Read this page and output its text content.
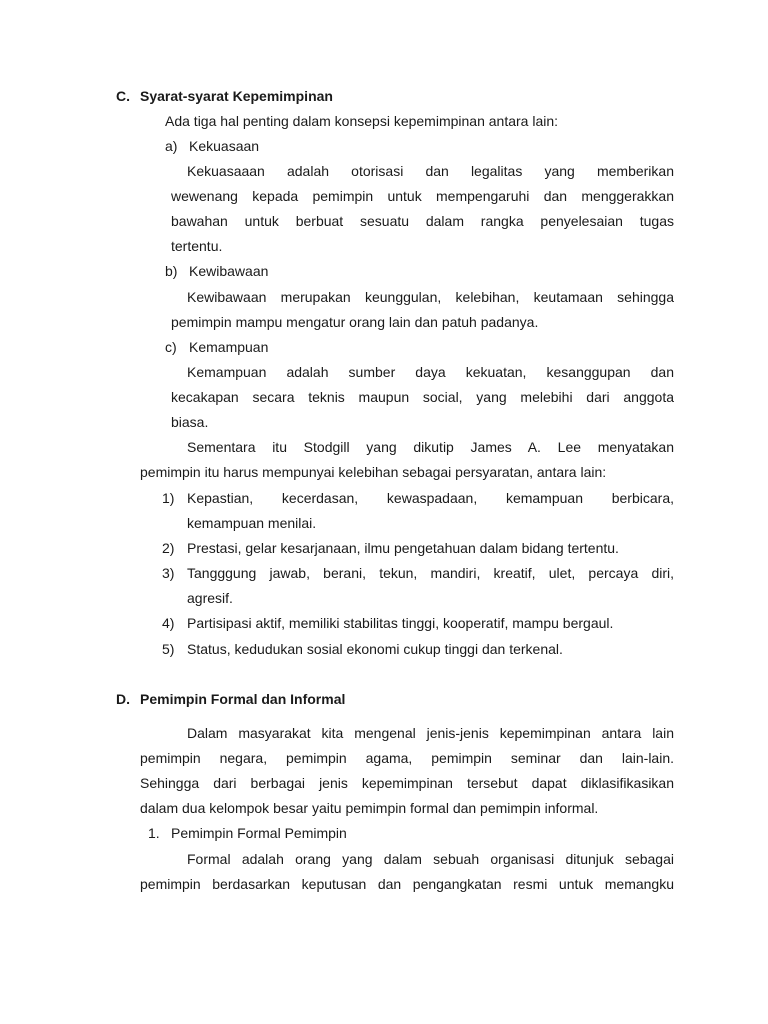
C. Syarat-syarat Kepemimpinan
Ada tiga hal penting dalam konsepsi kepemimpinan antara lain:
a) Kekuasaan
Kekuasaaan adalah otorisasi dan legalitas yang memberikan
wewenang kepada pemimpin untuk mempengaruhi dan menggerakkan
bawahan untuk berbuat sesuatu dalam rangka penyelesaian tugas
tertentu.
b) Kewibawaan
Kewibawaan merupakan keunggulan, kelebihan, keutamaan sehingga
pemimpin mampu mengatur orang lain dan patuh padanya.
c) Kemampuan
Kemampuan adalah sumber daya kekuatan, kesanggupan dan
kecakapan secara teknis maupun social, yang melebihi dari anggota
biasa.
Sementara itu Stodgill yang dikutip James A. Lee menyatakan
pemimpin itu harus mempunyai kelebihan sebagai persyaratan, antara lain:
1) Kepastian, kecerdasan, kewaspadaan, kemampuan berbicara,
kemampuan menilai.
2) Prestasi, gelar kesarjanaan, ilmu pengetahuan dalam bidang tertentu.
3) Tangggung jawab, berani, tekun, mandiri, kreatif, ulet, percaya diri,
agresif.
4) Partisipasi aktif, memiliki stabilitas tinggi, kooperatif, mampu bergaul.
5) Status, kedudukan sosial ekonomi cukup tinggi dan terkenal.
D. Pemimpin Formal dan Informal
Dalam masyarakat kita mengenal jenis-jenis kepemimpinan antara lain
pemimpin negara, pemimpin agama, pemimpin seminar dan lain-lain.
Sehingga dari berbagai jenis kepemimpinan tersebut dapat diklasifikasikan
dalam dua kelompok besar yaitu pemimpin formal dan pemimpin informal.
1. Pemimpin Formal Pemimpin
Formal adalah orang yang dalam sebuah organisasi ditunjuk sebagai
pemimpin berdasarkan keputusan dan pengangkatan resmi untuk memangku
